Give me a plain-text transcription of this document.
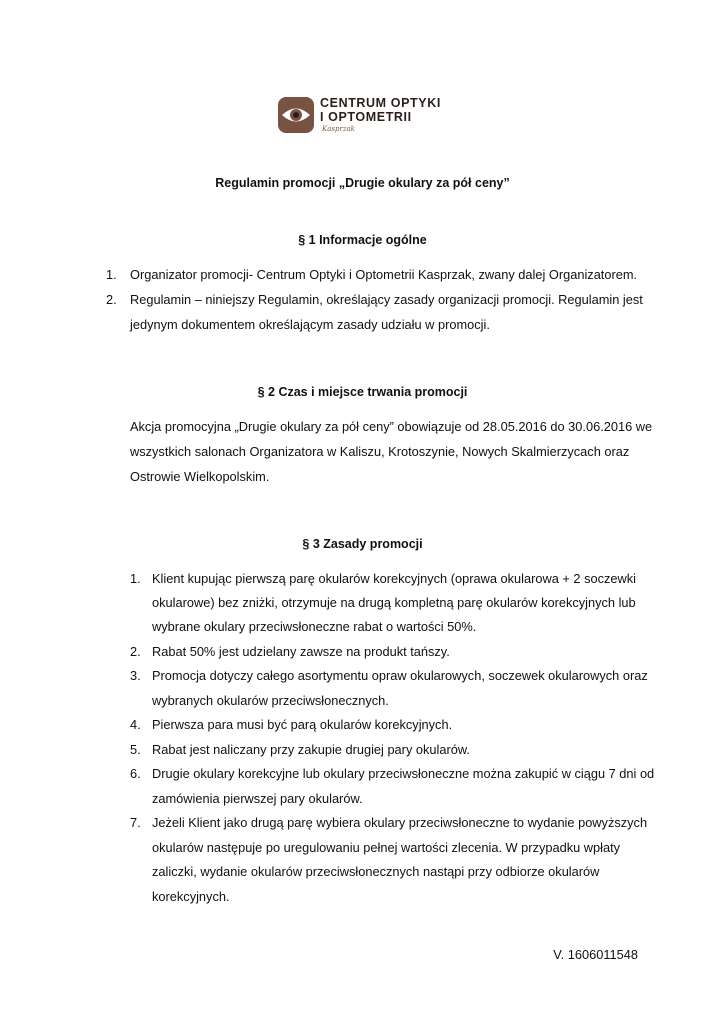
CENTRUM OPTYKI
I OPTOMETRII
Kasprzak
Regulamin promocji „Drugie okulary za pół ceny”
§ 1 Informacje ogólne
1. Organizator promocji- Centrum Optyki i Optometrii Kasprzak, zwany dalej Organizatorem.
2. Regulamin – niniejszy Regulamin, określający zasady organizacji promocji. Regulamin jest
jedynym dokumentem określającym zasady udziału w promocji.
§ 2 Czas i miejsce trwania promocji
Akcja promocyjna „Drugie okulary za pół ceny” obowiązuje od 28.05.2016 do 30.06.2016 we
wszystkich salonach Organizatora w Kaliszu, Krotoszynie, Nowych Skalmierzycach oraz
Ostrowie Wielkopolskim.
§ 3 Zasady promocji
1. Klient kupując pierwszą parę okularów korekcyjnych (oprawa okularowa + 2 soczewki
okularowe) bez zniżki, otrzymuje na drugą kompletną parę okularów korekcyjnych lub
wybrane okulary przeciwsłoneczne rabat o wartości 50%.
2. Rabat 50% jest udzielany zawsze na produkt tańszy.
3. Promocja dotyczy całego asortymentu opraw okularowych, soczewek okularowych oraz
wybranych okularów przeciwsłonecznych.
4. Pierwsza para musi być parą okularów korekcyjnych.
5. Rabat jest naliczany przy zakupie drugiej pary okularów.
6. Drugie okulary korekcyjne lub okulary przeciwsłoneczne można zakupić w ciągu 7 dni od
zamówienia pierwszej pary okularów.
7. Jeżeli Klient jako drugą parę wybiera okulary przeciwsłoneczne to wydanie powyższych
okularów następuje po uregulowaniu pełnej wartości zlecenia. W przypadku wpłaty
zaliczki, wydanie okularów przeciwsłonecznych nastąpi przy odbiorze okularów
korekcyjnych.
V. 1606011548
